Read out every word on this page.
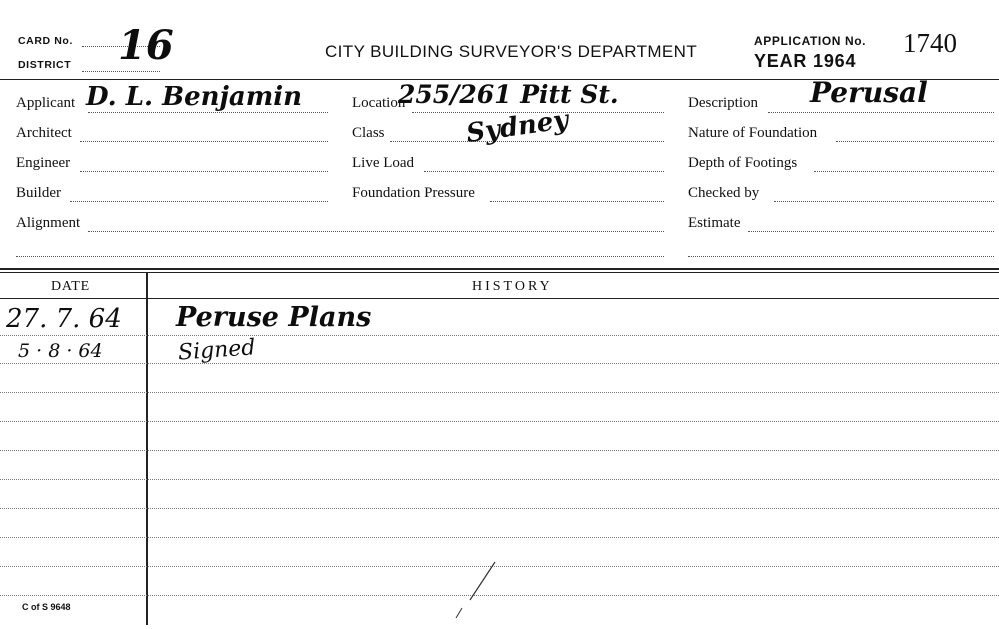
CARD No.
DISTRICT 16	CITY BUILDING SURVEYOR'S DEPARTMENT
APPLICATION No. 1740
YEAR 1964
Applicant D. L. Benjamin
Architect
Engineer
Builder
Alignment
Location
255/261 Pitt St.
Class	Sydney
Live Load
Foundation Pressure
Description Perusal
Nature of Foundation
Depth of Footings
Checked by
Estimate
DATE	HISTORY
27. 7. 64 Peruse Plans
5 · 8 · 64	Signed
C of S 9648
